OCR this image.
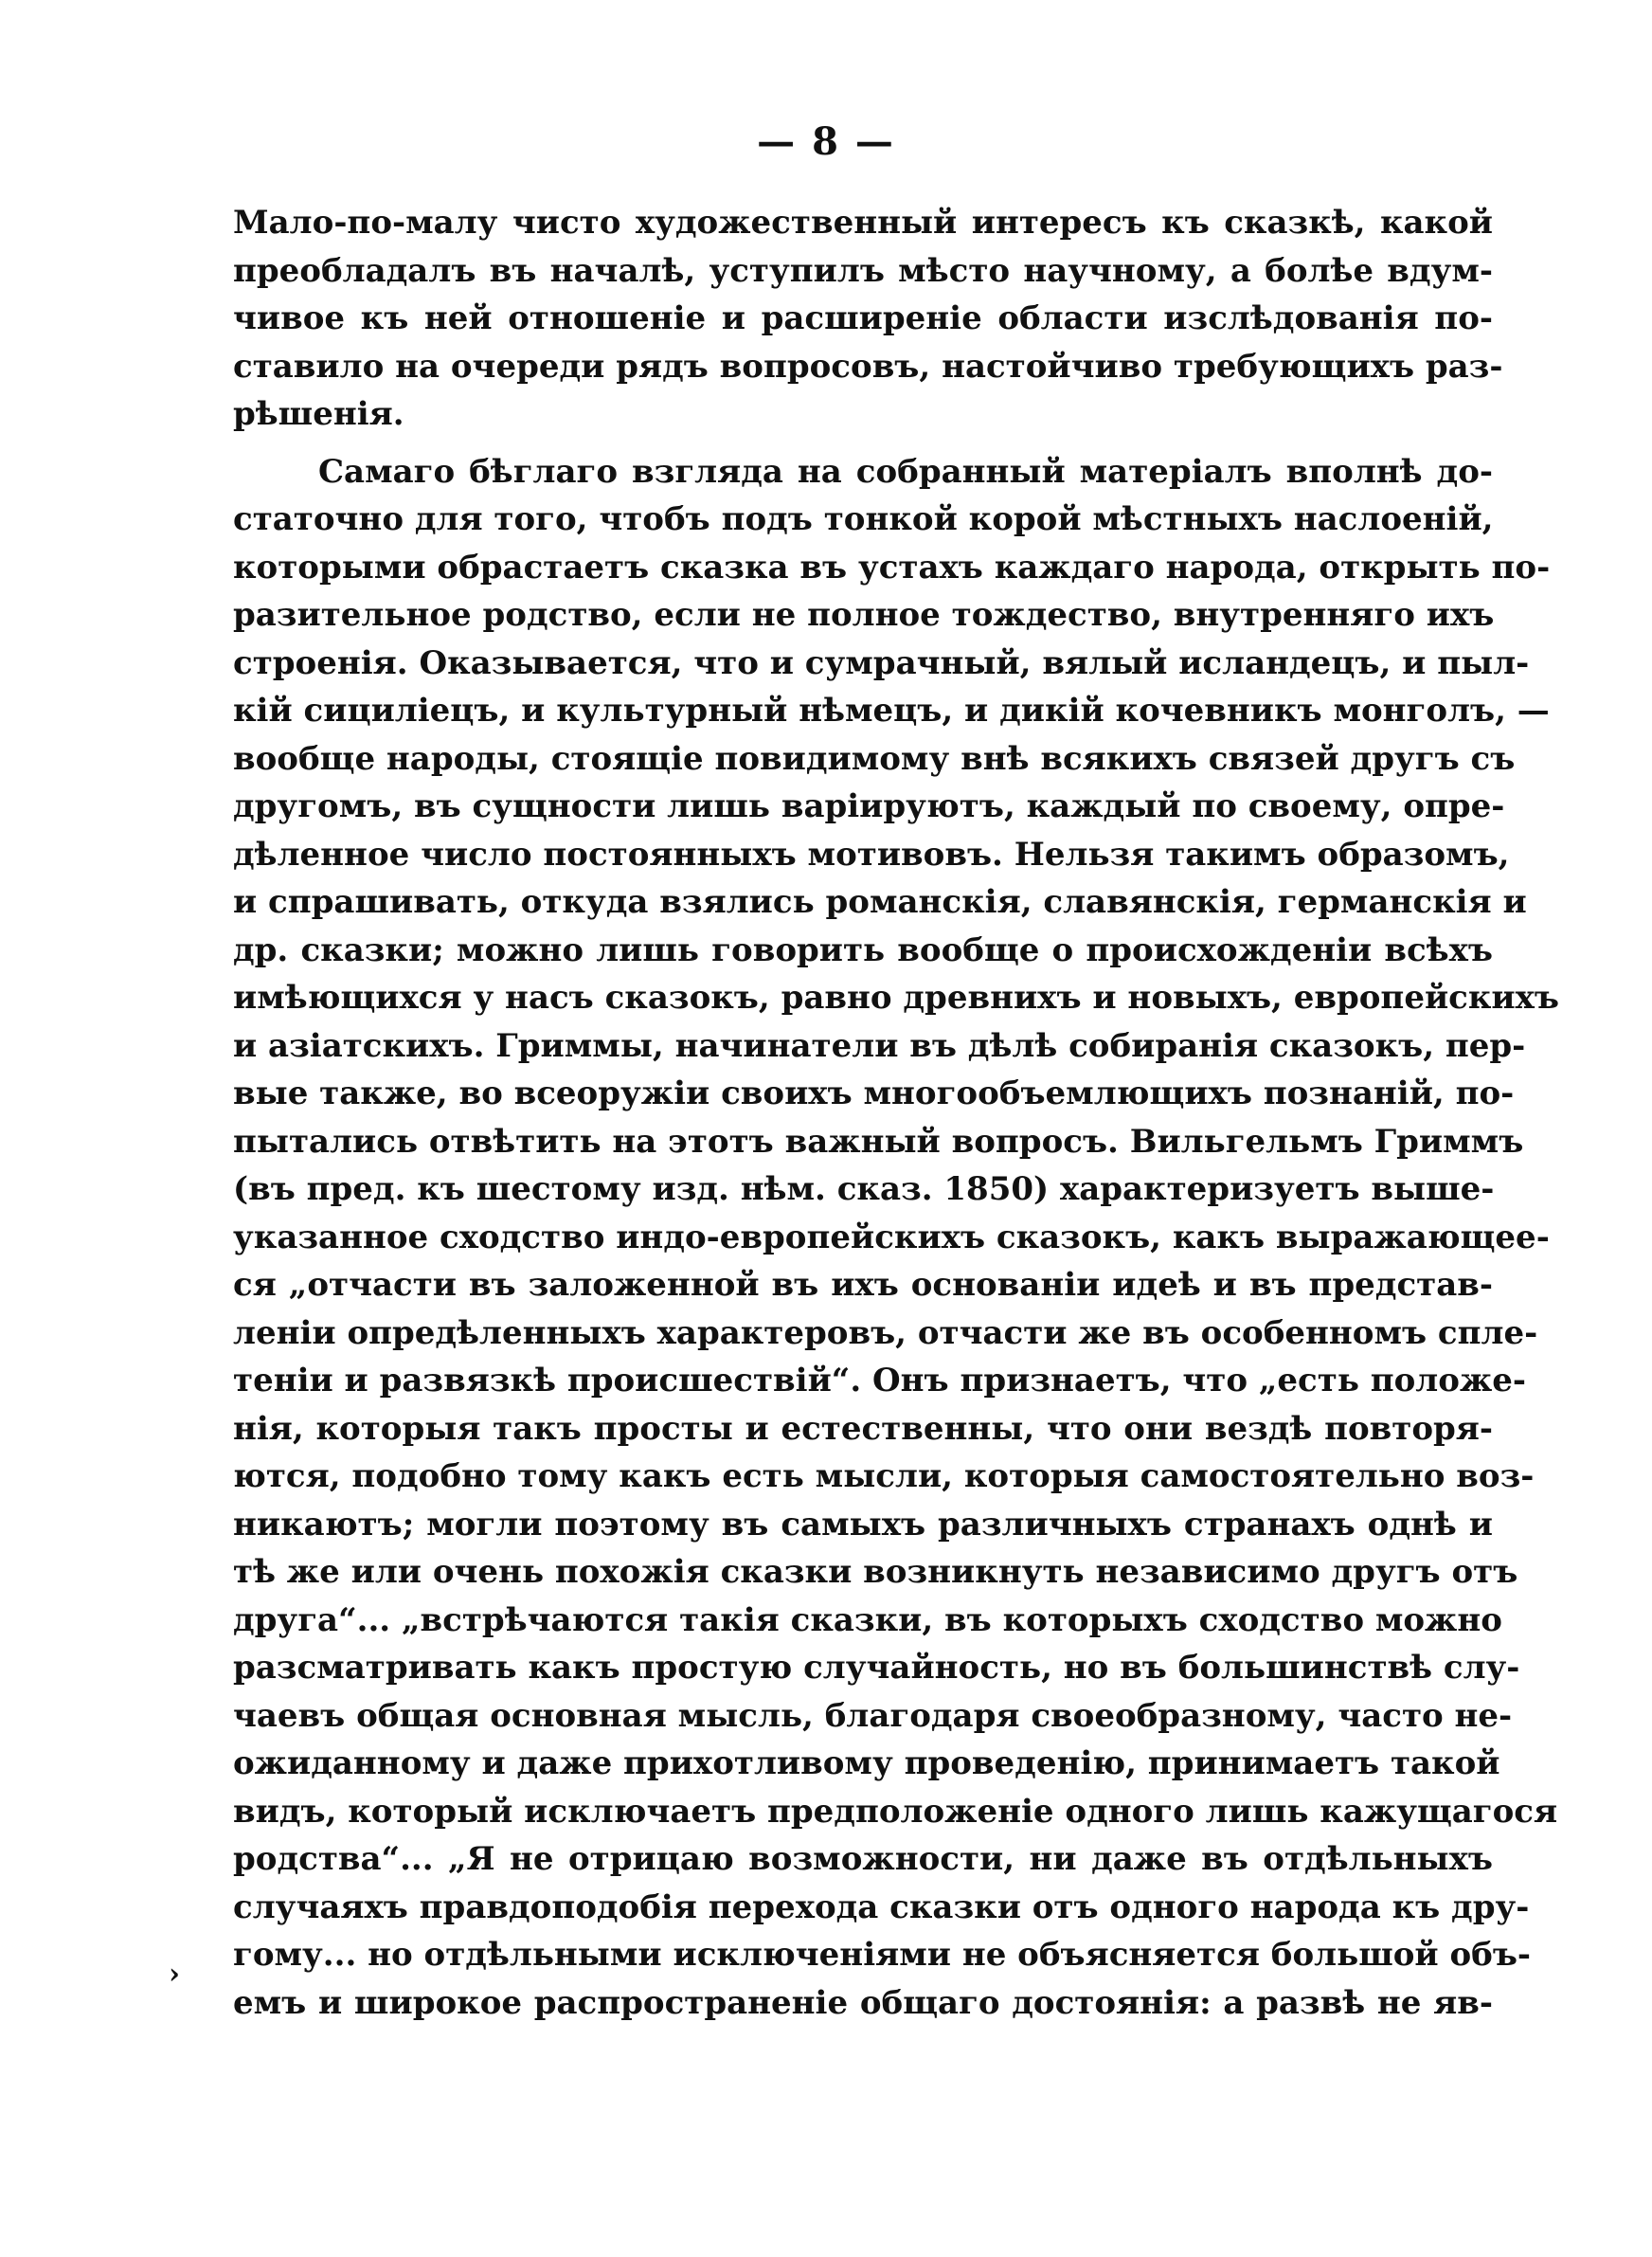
— 8 —
Мало-по-малу чисто художественный интересъ къ сказкѣ, какой
преобладалъ въ началѣ, уступилъ мѣсто научному, а болѣе вдум-
чивое къ ней отношеніе и расширеніе области изслѣдованія по-
ставило на очереди рядъ вопросовъ, настойчиво требующихъ раз-
рѣшенія.
Самаго бѣглаго взгляда на собранный матеріалъ вполнѣ до-
статочно для того, чтобъ подъ тонкой корой мѣстныхъ наслоеній,
которыми обрастаетъ сказка въ устахъ каждаго народа, открыть по-
разительное родство, если не полное тождество, внутренняго ихъ
строенія. Оказывается, что и сумрачный, вялый исландецъ, и пыл-
кій сициліецъ, и культурный нѣмецъ, и дикій кочевникъ монголъ, —
вообще народы, стоящіе повидимому внѣ всякихъ связей другъ съ
другомъ, въ сущности лишь варіируютъ, каждый по своему, опре-
дѣленное число постоянныхъ мотивовъ. Нельзя такимъ образомъ,
и спрашивать, откуда взялись романскія, славянскія, германскія и
др. сказки; можно лишь говорить вообще о происхожденіи всѣхъ
имѣющихся у насъ сказокъ, равно древнихъ и новыхъ, европейскихъ
и азіатскихъ. Гриммы, начинатели въ дѣлѣ собиранія сказокъ, пер-
вые также, во всеоружіи своихъ многообъемлющихъ познаній, по-
пытались отвѣтить на этотъ важный вопросъ. Вильгельмъ Гриммъ
(въ пред. къ шестому изд. нѣм. сказ. 1850) характеризуетъ выше-
указанное сходство индо-европейскихъ сказокъ, какъ выражающее-
ся „отчасти въ заложенной въ ихъ основаніи идеѣ и въ представ-
леніи опредѣленныхъ характеровъ, отчасти же въ особенномъ спле-
теніи и развязкѣ происшествій“. Онъ признаетъ, что „есть положе-
нія, которыя такъ просты и естественны, что они вездѣ повторя-
ются, подобно тому какъ есть мысли, которыя самостоятельно воз-
никаютъ; могли поэтому въ самыхъ различныхъ странахъ однѣ и
тѣ же или очень похожія сказки возникнуть независимо другъ отъ
друга“... „встрѣчаются такія сказки, въ которыхъ сходство можно
разсматривать какъ простую случайность, но въ большинствѣ слу-
чаевъ общая основная мысль, благодаря своеобразному, часто не-
ожиданному и даже прихотливому проведенію, принимаетъ такой
видъ, который исключаетъ предположеніе одного лишь кажущагося
родства“... „Я не отрицаю возможности, ни даже въ отдѣльныхъ
случаяхъ правдоподобія перехода сказки отъ одного народа къ дру-
гому... но отдѣльными исключеніями не объясняется большой объ-
емъ и широкое распространеніе общаго достоянія: а развѣ не яв-
›
